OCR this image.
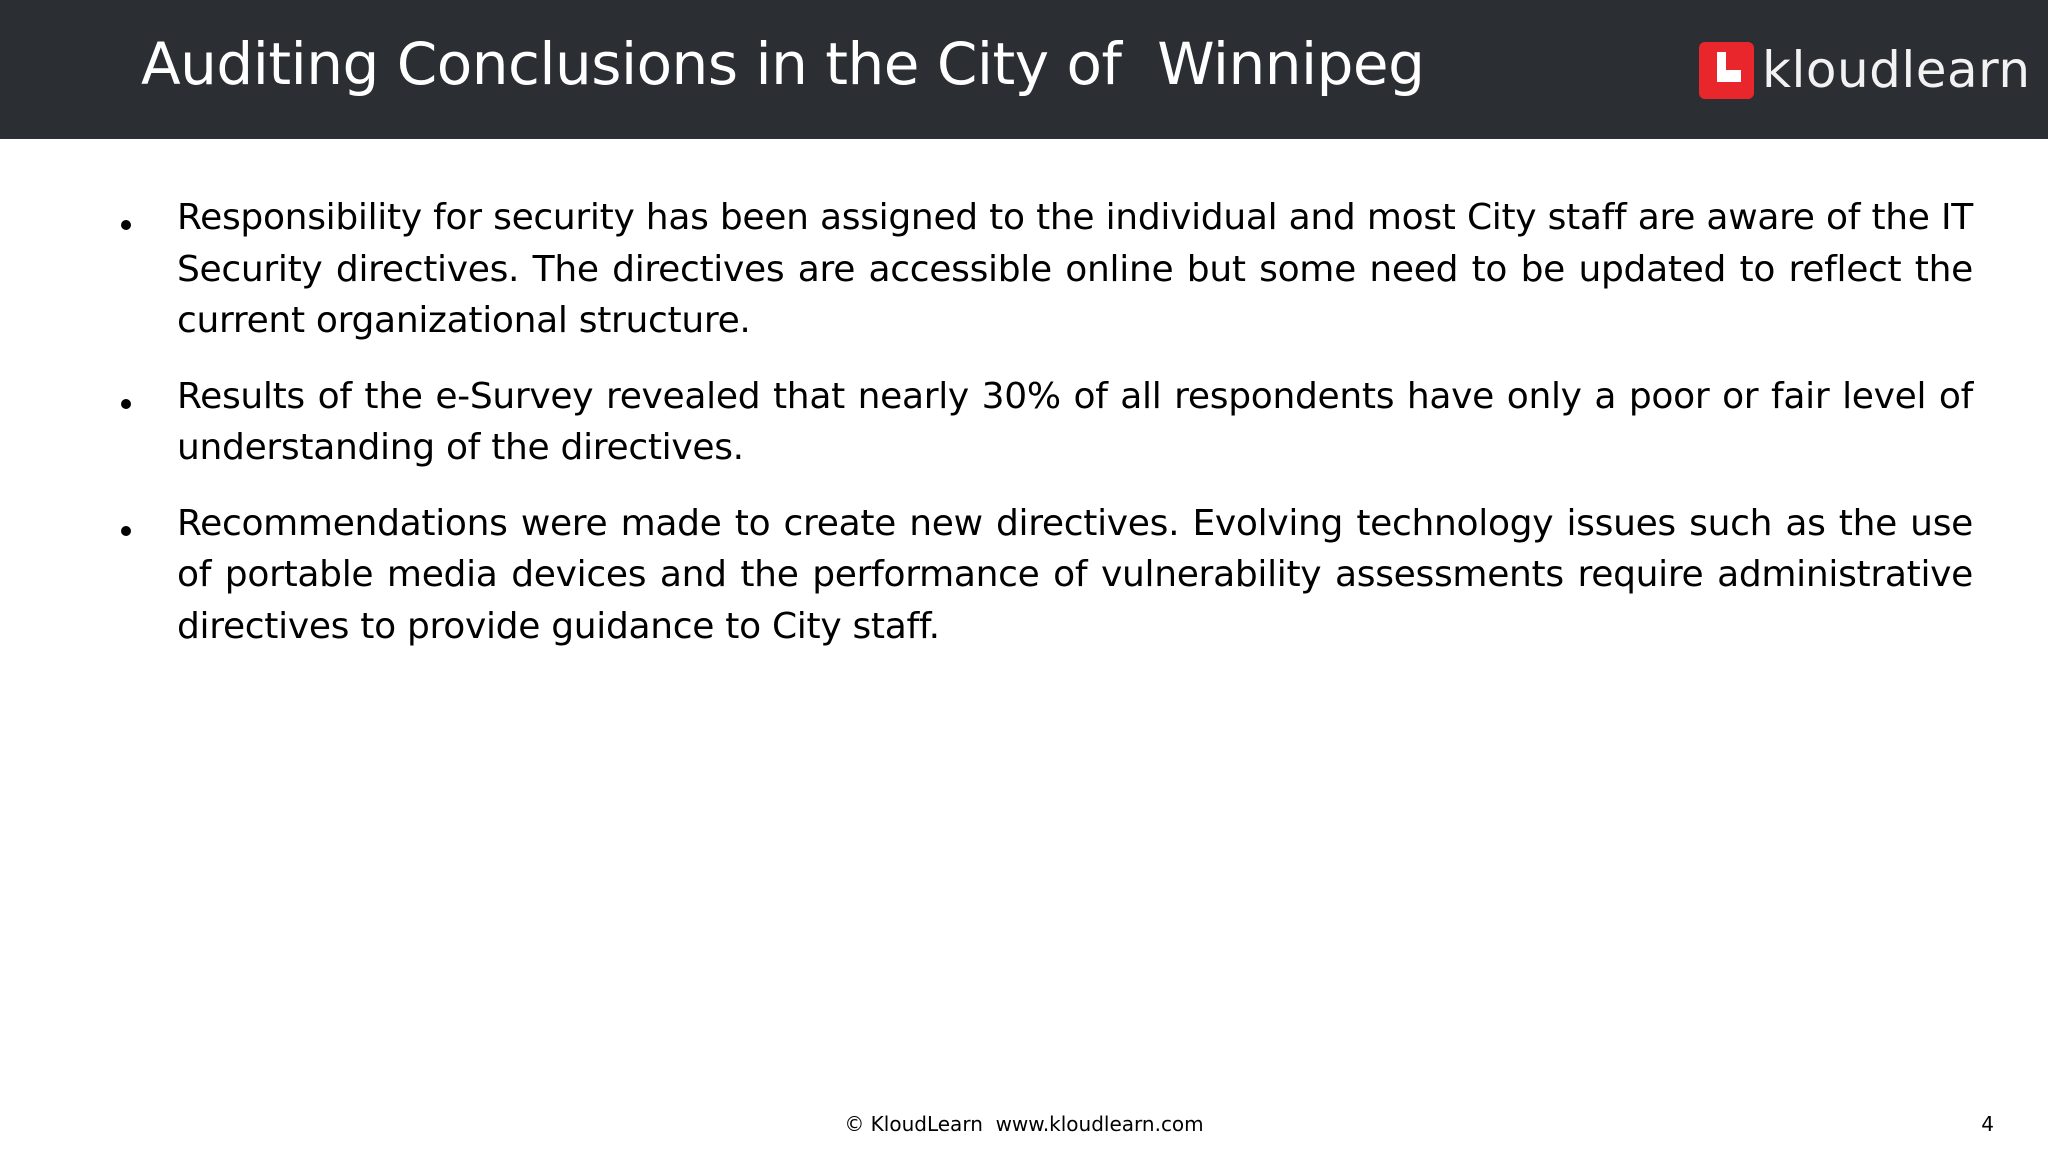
Auditing Conclusions in the City of  Winnipeg	kloudlearn
Responsibility for security has been assigned to the individual and most City staff are aware of the IT Security directives. The directives are accessible online but some need to be updated to reflect the current organizational structure.
Results of the e-Survey revealed that nearly 30% of all respondents have only a poor or fair level of understanding of the directives.
Recommendations were made to create new directives. Evolving technology issues such as the use of portable media devices and the performance of vulnerability assessments require administrative directives to provide guidance to City staff.
© KloudLearn  www.kloudlearn.com	4
